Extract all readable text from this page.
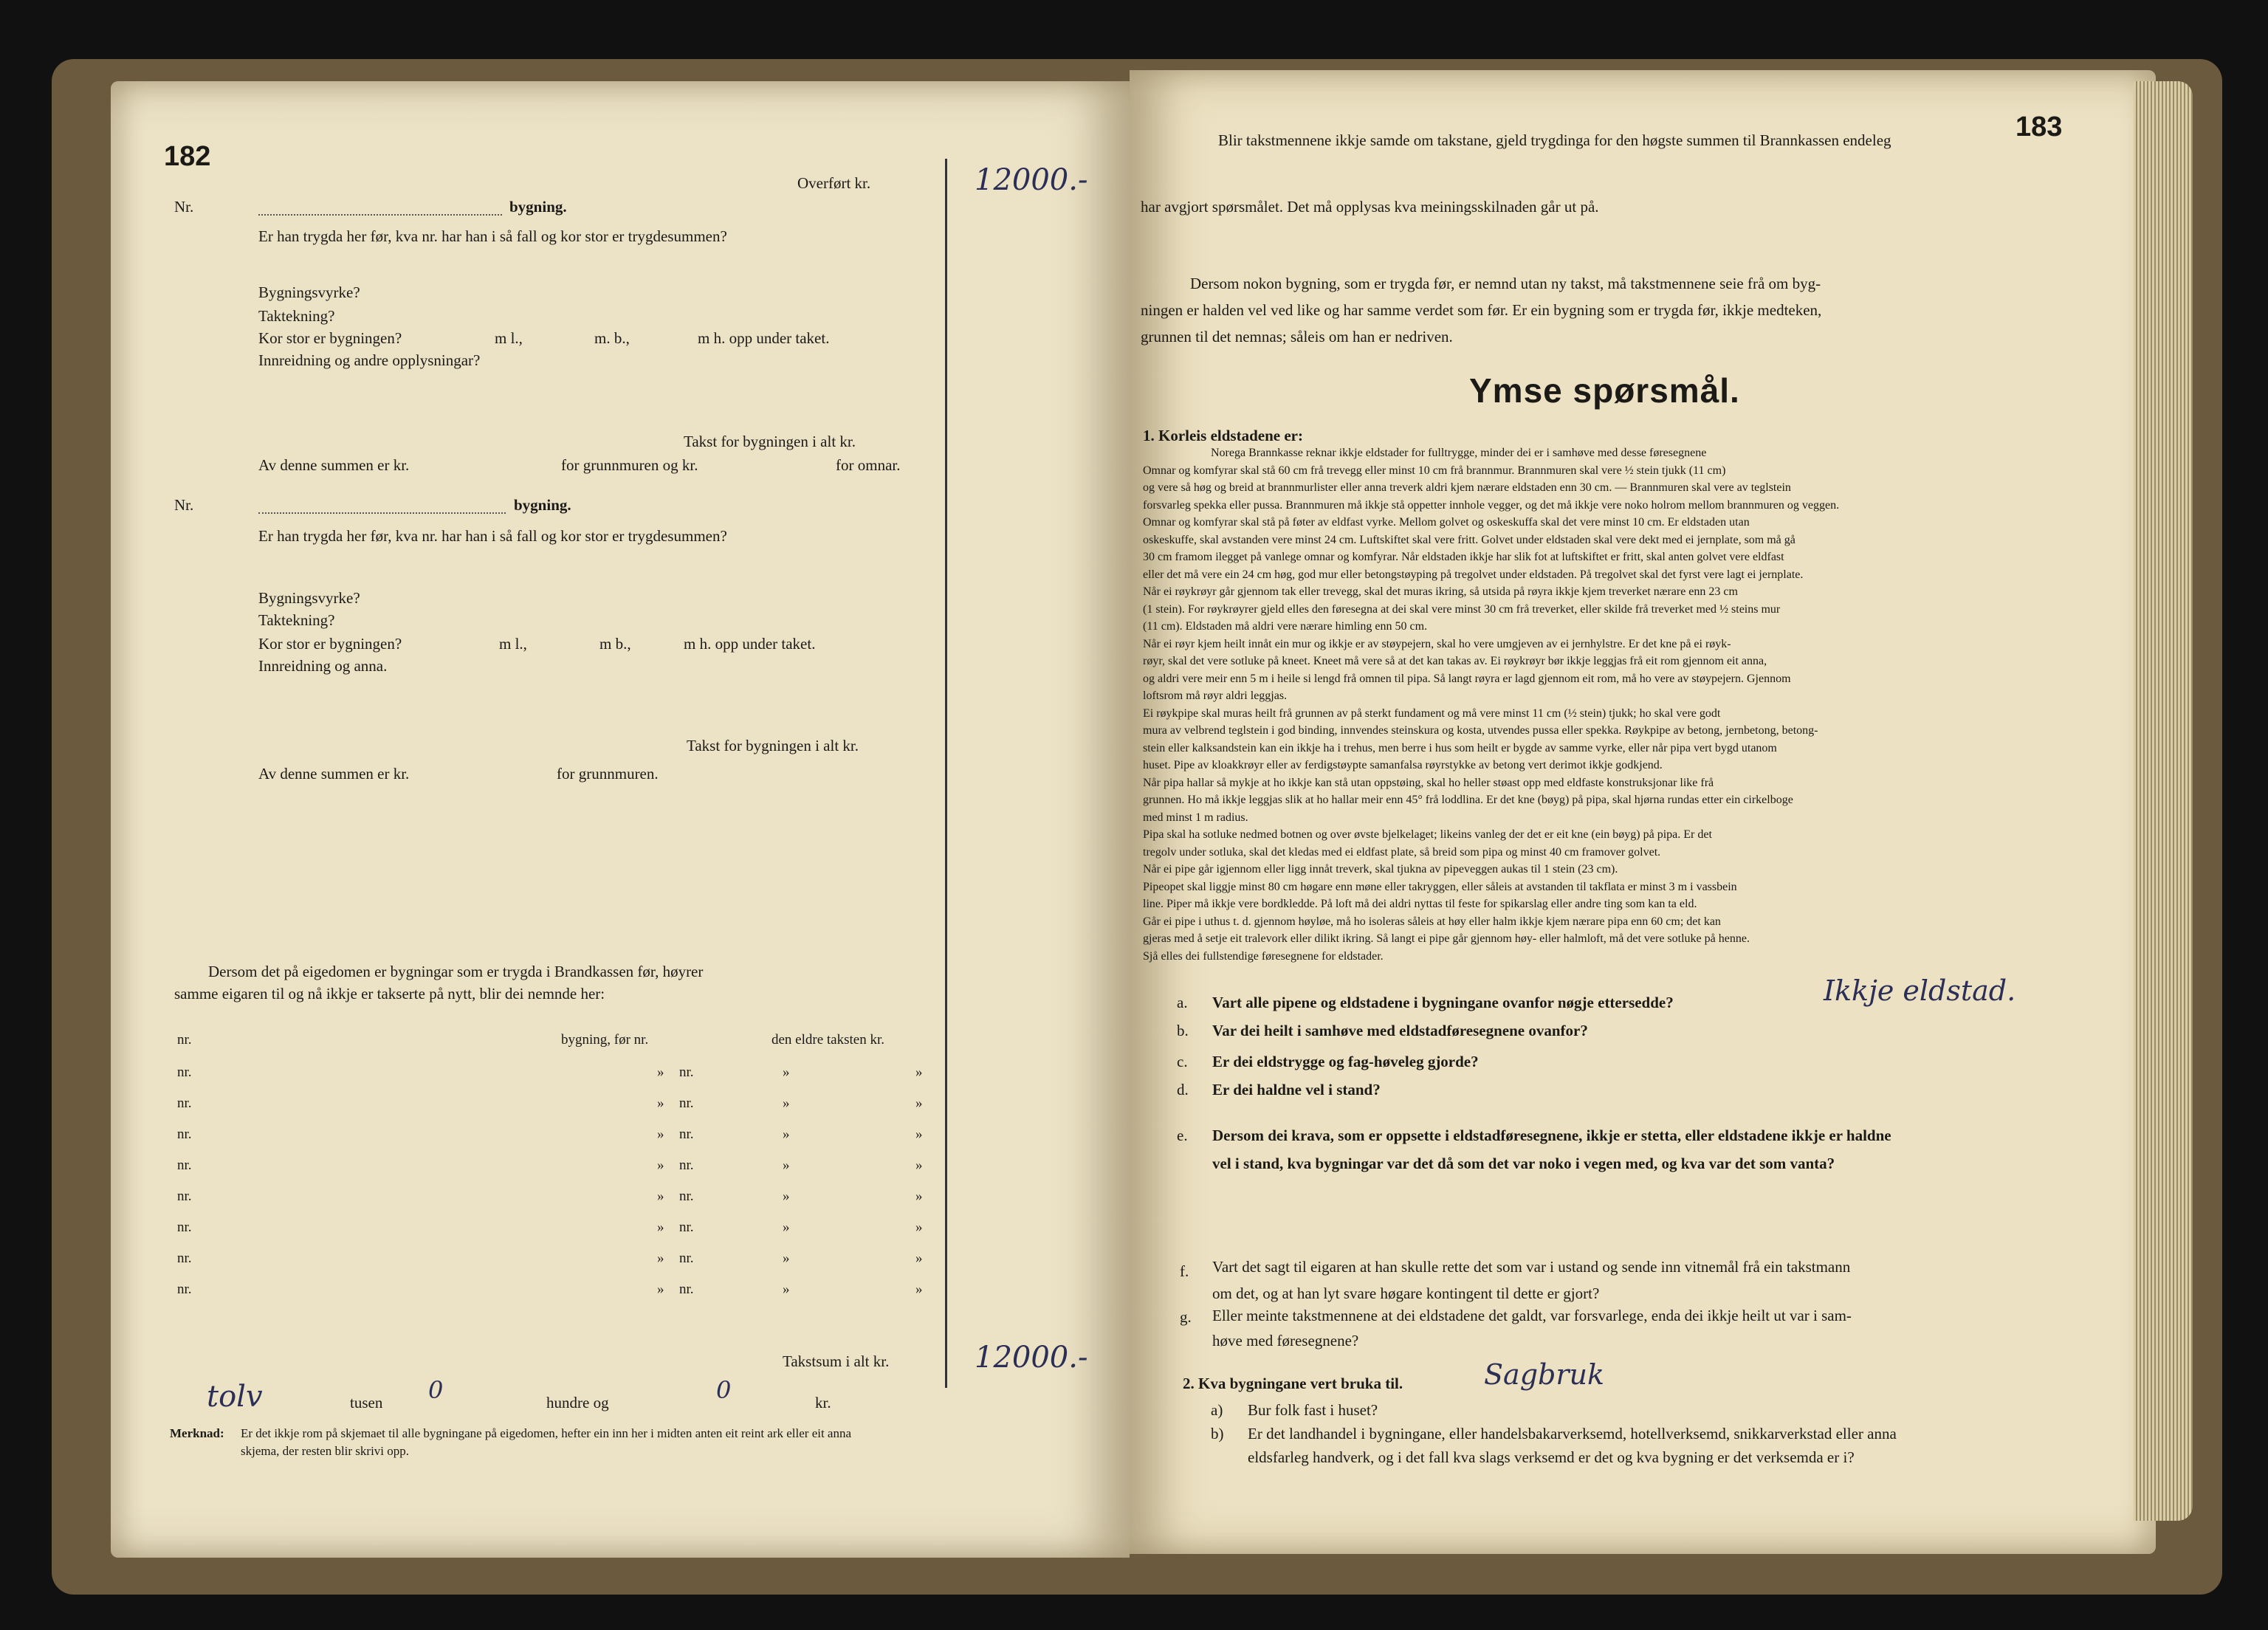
182
Overført kr.	12000.-
Nr.	bygning.
Er han trygda her før, kva nr. har han i så fall og kor stor er trygdesummen?
Bygningsvyrke?
Taktekning?
Kor stor er bygningen?	m l.,	m. b.,	m h. opp under taket.
Innreidning og andre opplysningar?
Takst for bygningen i alt kr.
Av denne summen er kr.	for grunnmuren og kr.	for omnar.
Nr.	bygning.
Er han trygda her før, kva nr. har han i så fall og kor stor er trygdesummen?
Bygningsvyrke?
Taktekning?
Kor stor er bygningen?	m l.,	m b.,	m h. opp under taket.
Innreidning og anna.
Takst for bygningen i alt kr.
Av denne summen er kr.	for grunnmuren.
Dersom det på eigedomen er bygningar som er trygda i Brandkassen før, høyrer
samme eigaren til og nå ikkje er takserte på nytt, blir dei nemnde her:
nr.	bygning, før nr.	den eldre taksten kr.
nr.	» nr.	»	»
nr.	» nr.	»	»
nr.	» nr.	»	»
nr.	» nr.	»	»
nr.	» nr.	»	»
nr.	» nr.	»	»
nr.	» nr.	»	»
nr.	» nr.	»	»
Takstsum i alt kr.	12000.-
tolv	tusen 0	hundre og	0	kr.
Merknad: Er det ikkje rom på skjemaet til alle bygningane på eigedomen, hefter ein inn her i midten anten eit reint ark eller eit anna
skjema, der resten blir skrivi opp.
183
Blir takstmennene ikkje samde om takstane, gjeld trygdinga for den høgste summen til Brannkassen endeleg
har avgjort spørsmålet. Det må opplysas kva meiningsskilnaden går ut på.
Dersom nokon bygning, som er trygda før, er nemnd utan ny takst, må takstmennene seie frå om byg-
ningen er halden vel ved like og har samme verdet som før. Er ein bygning som er trygda før, ikkje medteken,
grunnen til det nemnas; såleis om han er nedriven.
Ymse spørsmål.
1. Korleis eldstadene er:
Norega Brannkasse reknar ikkje eldstader for fulltrygge, minder dei er i samhøve med desse føresegnene
Omnar og komfyrar skal stå 60 cm frå trevegg eller minst 10 cm frå brannmur. Brannmuren skal vere ½ stein tjukk (11 cm)
og vere så høg og breid at brannmurlister eller anna treverk aldri kjem nærare eldstaden enn 30 cm. — Brannmuren skal vere av teglstein
forsvarleg spekka eller pussa. Brannmuren må ikkje stå oppetter innhole vegger, og det må ikkje vere noko holrom mellom brannmuren og veggen.
Omnar og komfyrar skal stå på føter av eldfast vyrke. Mellom golvet og oskeskuffa skal det vere minst 10 cm. Er eldstaden utan
oskeskuffe, skal avstanden vere minst 24 cm. Luftskiftet skal vere fritt. Golvet under eldstaden skal vere dekt med ei jernplate, som må gå
30 cm framom ilegget på vanlege omnar og komfyrar. Når eldstaden ikkje har slik fot at luftskiftet er fritt, skal anten golvet vere eldfast
eller det må vere ein 24 cm høg, god mur eller betongstøyping på tregolvet under eldstaden. På tregolvet skal det fyrst vere lagt ei jernplate.
Når ei røykrøyr går gjennom tak eller trevegg, skal det muras ikring, så utsida på røyra ikkje kjem treverket nærare enn 23 cm
(1 stein). For røykrøyrer gjeld elles den føresegna at dei skal vere minst 30 cm frå treverket, eller skilde frå treverket med ½ steins mur
(11 cm). Eldstaden må aldri vere nærare himling enn 50 cm.
Når ei røyr kjem heilt innåt ein mur og ikkje er av støypejern, skal ho vere umgjeven av ei jernhylstre. Er det kne på ei røyk-
røyr, skal det vere sotluke på kneet. Kneet må vere så at det kan takas av. Ei røykrøyr bør ikkje leggjas frå eit rom gjennom eit anna,
og aldri vere meir enn 5 m i heile si lengd frå omnen til pipa. Så langt røyra er lagd gjennom eit rom, må ho vere av støypejern. Gjennom
loftsrom må røyr aldri leggjas.
Ei røykpipe skal muras heilt frå grunnen av på sterkt fundament og må vere minst 11 cm (½ stein) tjukk; ho skal vere godt
mura av velbrend teglstein i god binding, innvendes steinskura og kosta, utvendes pussa eller spekka. Røykpipe av betong, jernbetong, betong-
stein eller kalksandstein kan ein ikkje ha i trehus, men berre i hus som heilt er bygde av samme vyrke, eller når pipa vert bygd utanom
huset. Pipe av kloakkrøyr eller av ferdigstøypte samanfalsa røyrstykke av betong vert derimot ikkje godkjend.
Når pipa hallar så mykje at ho ikkje kan stå utan oppstøing, skal ho heller støast opp med eldfaste konstruksjonar like frå
grunnen. Ho må ikkje leggjas slik at ho hallar meir enn 45° frå loddlina. Er det kne (bøyg) på pipa, skal hjørna rundas etter ein cirkelboge
med minst 1 m radius.
Pipa skal ha sotluke nedmed botnen og over øvste bjelkelaget; likeins vanleg der det er eit kne (ein bøyg) på pipa. Er det
tregolv under sotluka, skal det kledas med ei eldfast plate, så breid som pipa og minst 40 cm framover golvet.
Når ei pipe går igjennom eller ligg innåt treverk, skal tjukna av pipeveggen aukas til 1 stein (23 cm).
Pipeopet skal liggje minst 80 cm høgare enn møne eller takryggen, eller såleis at avstanden til takflata er minst 3 m i vassbein
line. Piper må ikkje vere bordkledde. På loft må dei aldri nyttas til feste for spikarslag eller andre ting som kan ta eld.
Går ei pipe i uthus t. d. gjennom høyløe, må ho isoleras såleis at høy eller halm ikkje kjem nærare pipa enn 60 cm; det kan
gjeras med å setje eit tralevork eller dilikt ikring. Så langt ei pipe går gjennom høy- eller halmloft, må det vere sotluke på henne.
Sjå elles dei fullstendige føresegnene for eldstader.
a. Vart alle pipene og eldstadene i bygningane ovanfor nøgje ettersedde?	Ikkje eldstad.
b. Var dei heilt i samhøve med eldstadføresegnene ovanfor?
c. Er dei eldstrygge og fag-høveleg gjorde?
d. Er dei haldne vel i stand?
e. Dersom dei krava, som er oppsette i eldstadføresegnene, ikkje er stetta, eller eldstadene ikkje er haldne
vel i stand, kva bygningar var det då som det var noko i vegen med, og kva var det som vanta?
f. Vart det sagt til eigaren at han skulle rette det som var i ustand og sende inn vitnemål frå ein takstmann
om det, og at han lyt svare høgare kontingent til dette er gjort?
g. Eller meinte takstmennene at dei eldstadene det galdt, var forsvarlege, enda dei ikkje heilt ut var i sam-
høve med føresegnene?
2. Kva bygningane vert bruka til.	Sagbruk
a) Bur folk fast i huset?
b) Er det landhandel i bygningane, eller handelsbakarverksemd, hotellverksemd, snikkarverkstad eller anna
eldsfarleg handverk, og i det fall kva slags verksemd er det og kva bygning er det verksemda er i?
